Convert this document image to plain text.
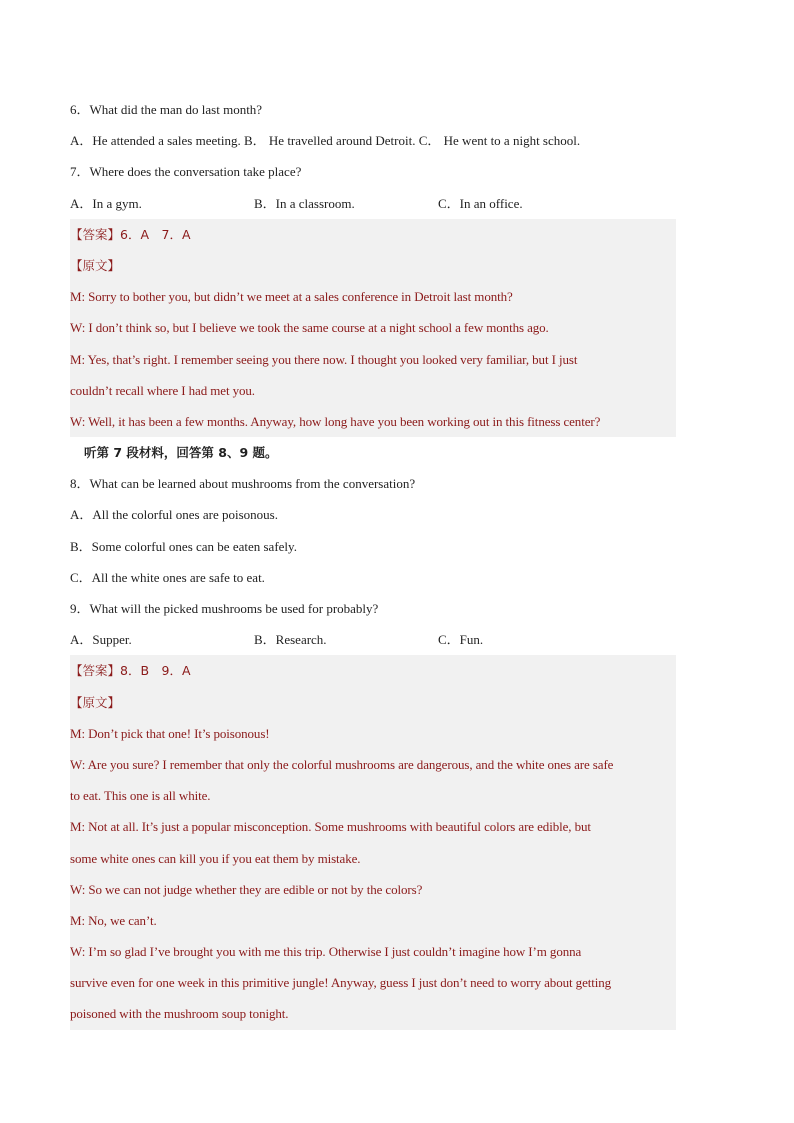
6．What did the man do last month?
A．He attended a sales meeting. B． He travelled around Detroit. C． He went to a night school.
7．Where does the conversation take place?
A．In a gym.	B．In a classroom.	C．In an office.
【答案】6．A　7．A
【原文】
M: Sorry to bother you, but didn’t we meet at a sales conference in Detroit last month?
W: I don’t think so, but I believe we took the same course at a night school a few months ago.
M: Yes, that’s right. I remember seeing you there now. I thought you looked very familiar, but I just
couldn’t recall where I had met you.
W: Well, it has been a few months. Anyway, how long have you been working out in this fitness center?
听第 7 段材料，回答第 8、9 题。
8．What can be learned about mushrooms from the conversation?
A．All the colorful ones are poisonous.
B．Some colorful ones can be eaten safely.
C．All the white ones are safe to eat.
9．What will the picked mushrooms be used for probably?
A．Supper.	B．Research.	C．Fun.
【答案】8．B　9．A
【原文】
M: Don’t pick that one! It’s poisonous!
W: Are you sure? I remember that only the colorful mushrooms are dangerous, and the white ones are safe
to eat. This one is all white.
M: Not at all. It’s just a popular misconception. Some mushrooms with beautiful colors are edible, but
some white ones can kill you if you eat them by mistake.
W: So we can not judge whether they are edible or not by the colors?
M: No, we can’t.
W: I’m so glad I’ve brought you with me this trip. Otherwise I just couldn’t imagine how I’m gonna
survive even for one week in this primitive jungle! Anyway, guess I just don’t need to worry about getting
poisoned with the mushroom soup tonight.
